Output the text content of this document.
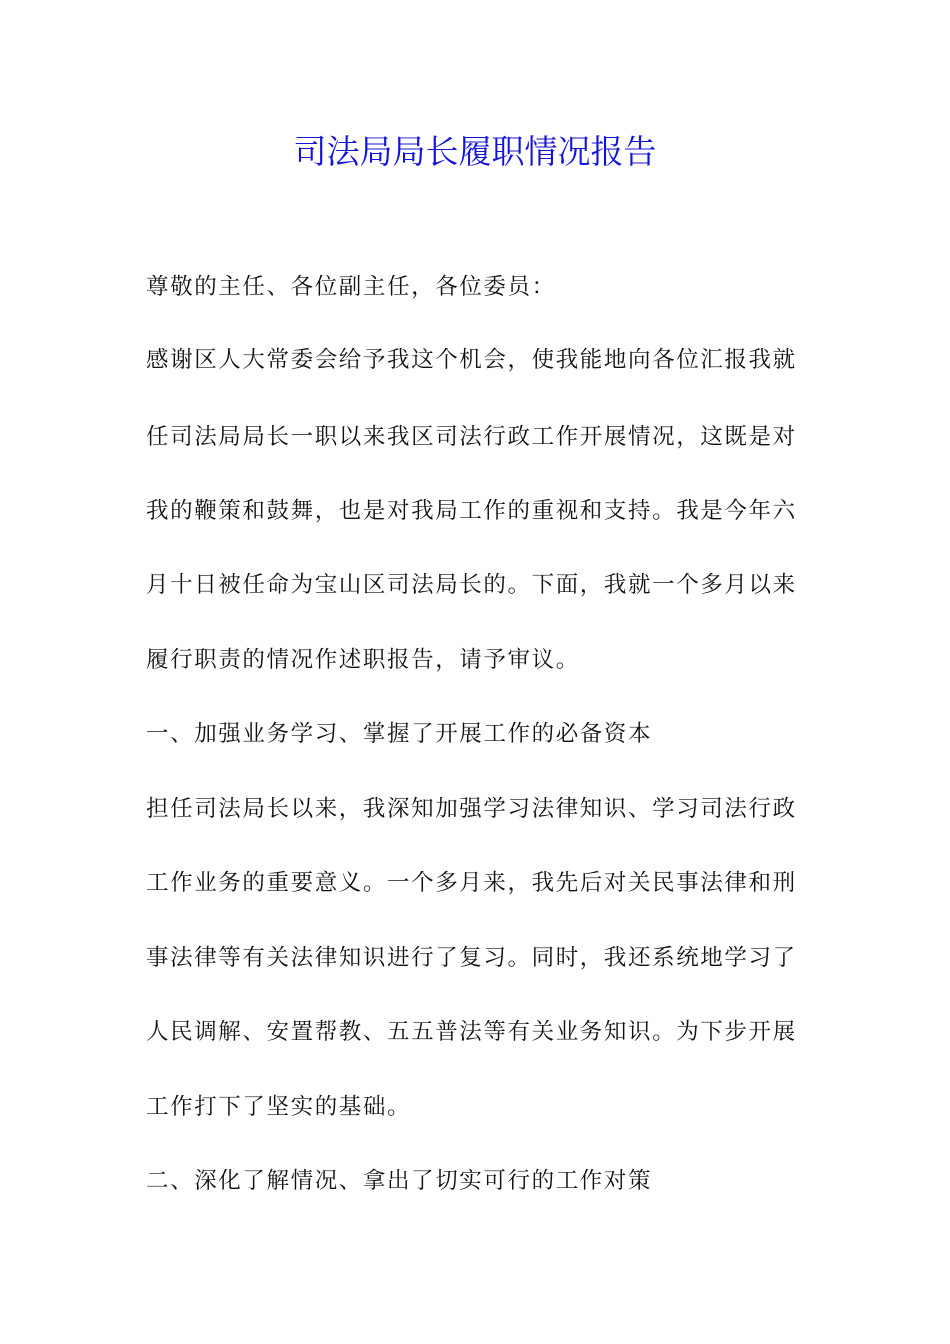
司法局局长履职情况报告
尊敬的主任、各位副主任，各位委员：
感谢区人大常委会给予我这个机会，使我能地向各位汇报我就
任司法局局长一职以来我区司法行政工作开展情况，这既是对
我的鞭策和鼓舞，也是对我局工作的重视和支持。我是今年六
月十日被任命为宝山区司法局长的。下面，我就一个多月以来
履行职责的情况作述职报告，请予审议。
一、加强业务学习、掌握了开展工作的必备资本
担任司法局长以来，我深知加强学习法律知识、学习司法行政
工作业务的重要意义。一个多月来，我先后对关民事法律和刑
事法律等有关法律知识进行了复习。同时，我还系统地学习了
人民调解、安置帮教、五五普法等有关业务知识。为下步开展
工作打下了坚实的基础。
二、深化了解情况、拿出了切实可行的工作对策
